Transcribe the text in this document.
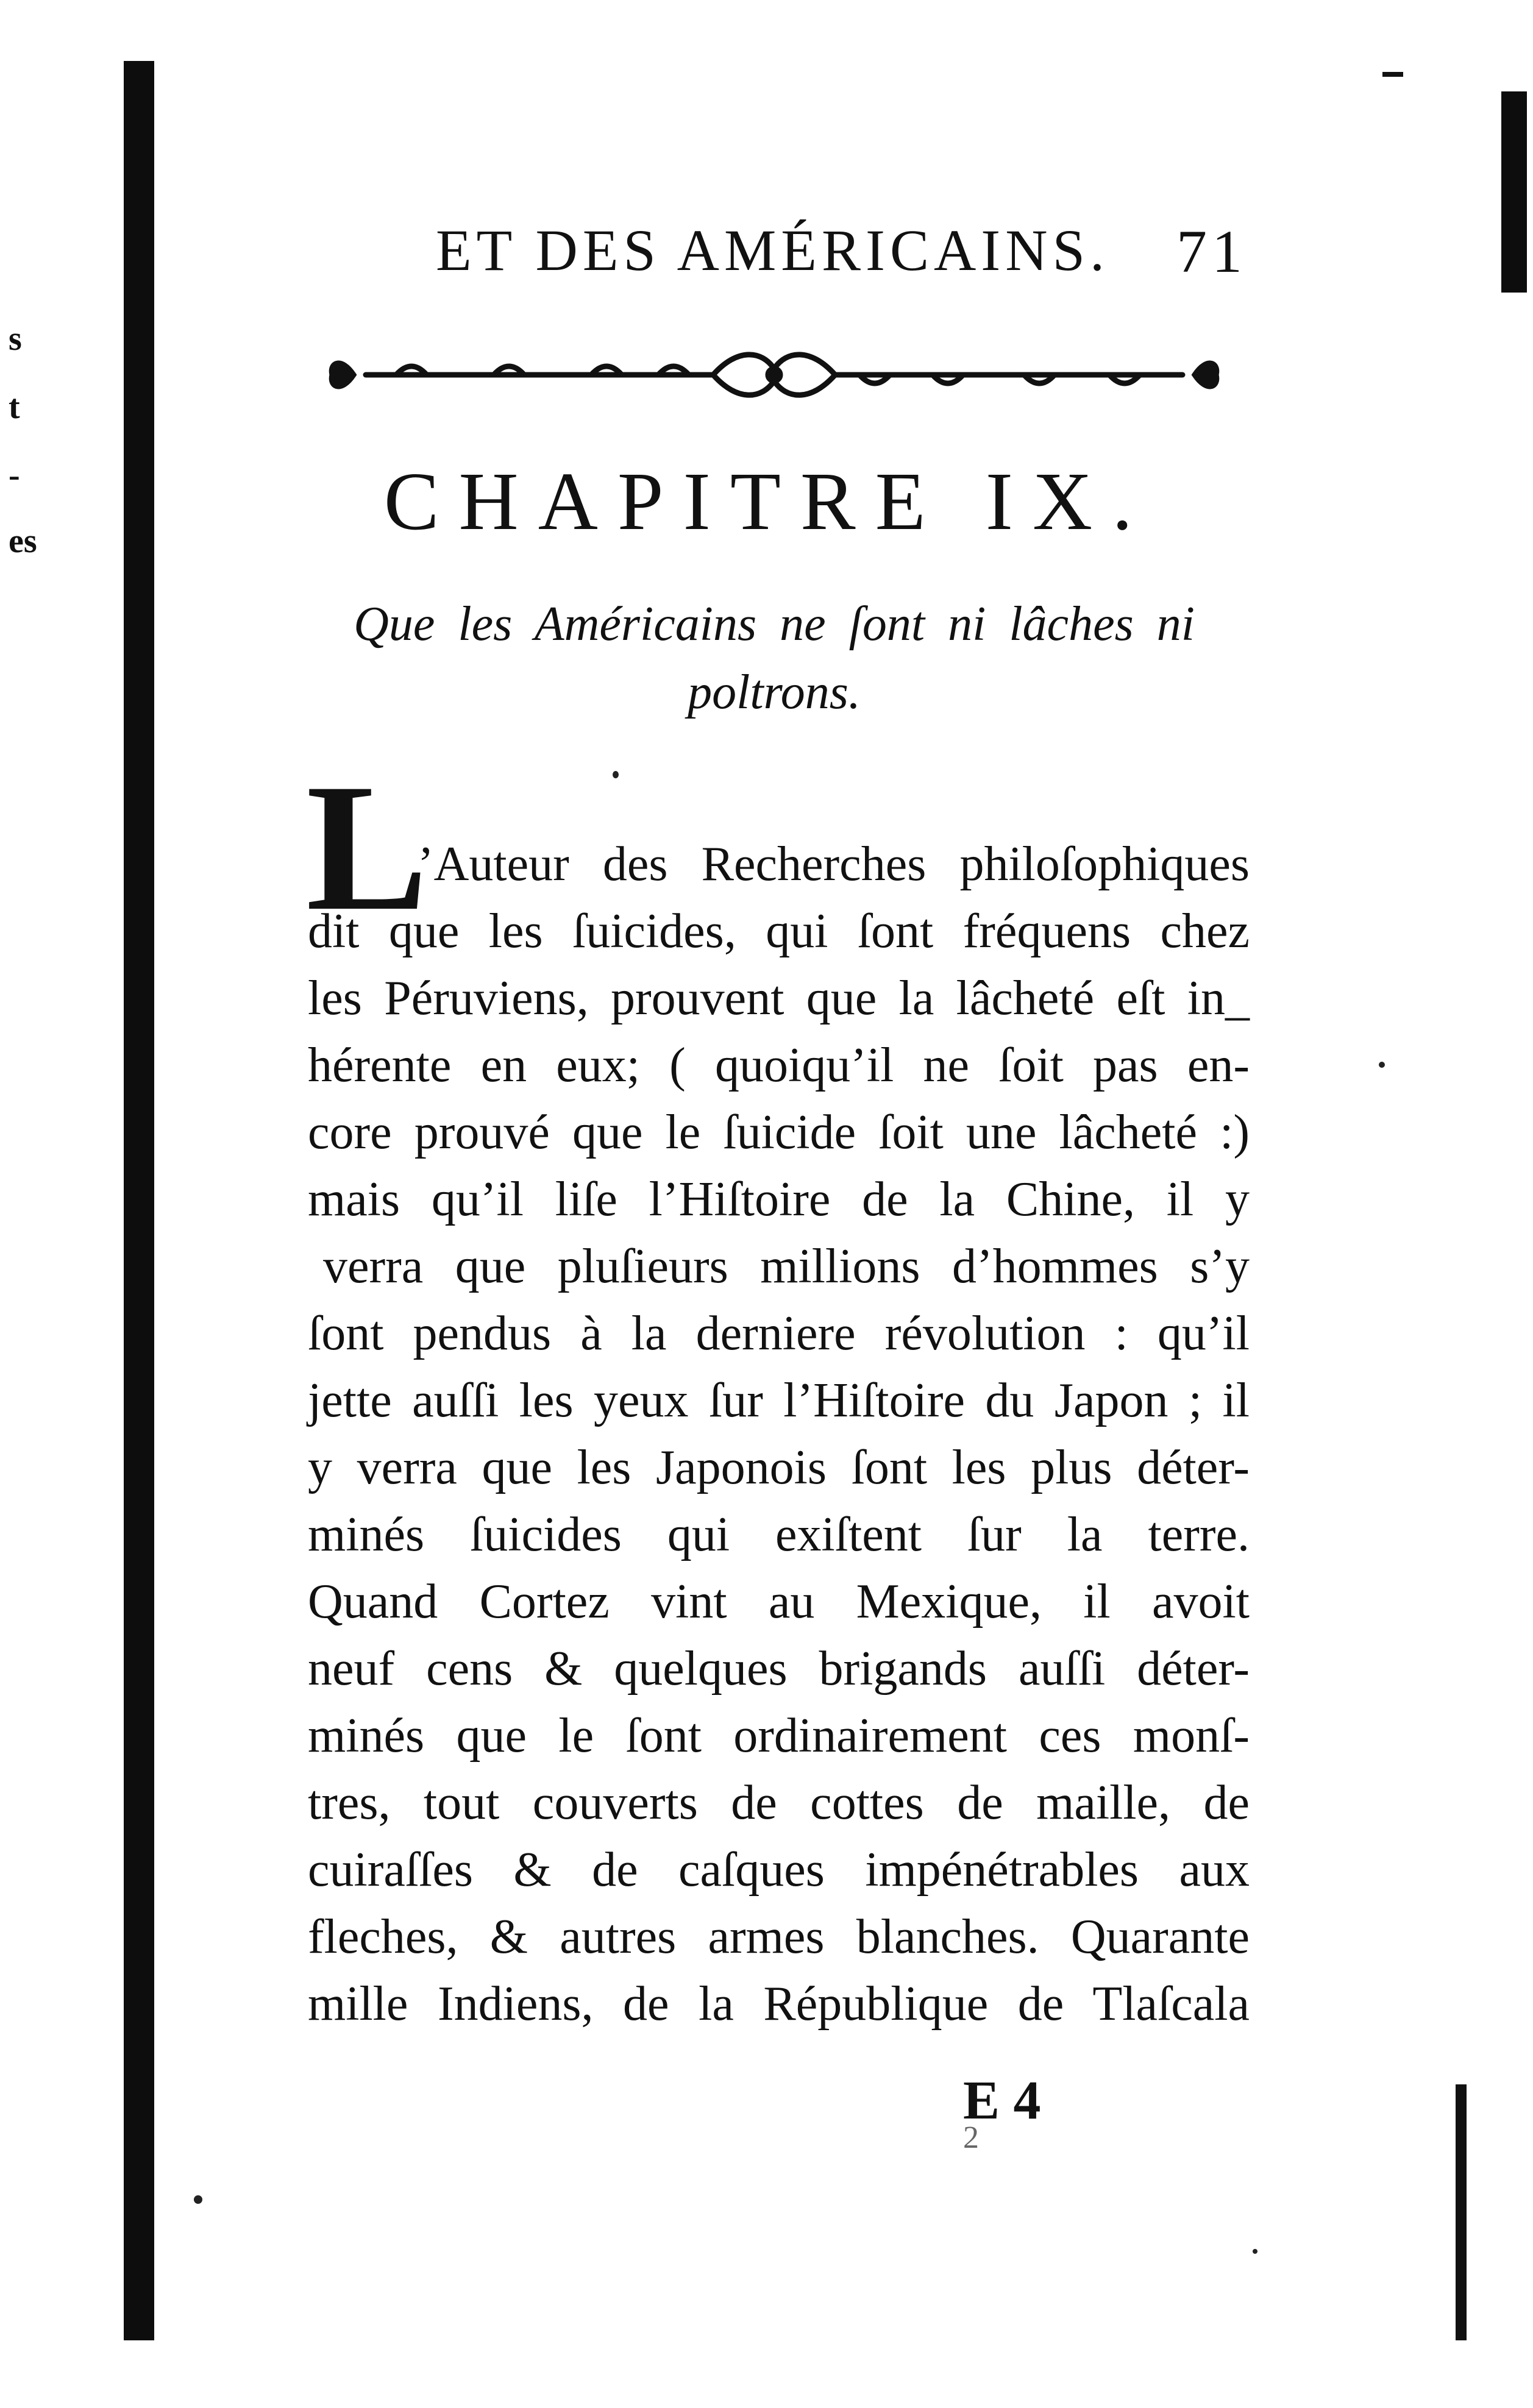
s
t
-
es
ET DES AMÉRICAINS. 71
CHAPITRE IX.
Que les Américains ne ſont ni lâches ni
poltrons.
L
’Auteur des Recherches philoſophiques
dit que les ſuicides, qui ſont fréquens chez
les Péruviens, prouvent que la lâcheté eſt in_
hérente en eux; ( quoiqu’il ne ſoit pas en-
core prouvé que le ſuicide ſoit une lâcheté :)
mais qu’il liſe l’Hiſtoire de la Chine, il y
verra que pluſieurs millions d’hommes s’y
ſont pendus à la derniere révolution : qu’il
jette auſſi les yeux ſur l’Hiſtoire du Japon ; il
y verra que les Japonois ſont les plus déter-
minés ſuicides qui exiſtent ſur la terre.
Quand Cortez vint au Mexique, il avoit
neuf cens & quelques brigands auſſi déter-
minés que le ſont ordinairement ces monſ-
tres, tout couverts de cottes de maille, de
cuiraſſes & de caſques impénétrables aux
fleches, & autres armes blanches. Quarante
mille Indiens, de la République de Tlaſcala
E 4
2
